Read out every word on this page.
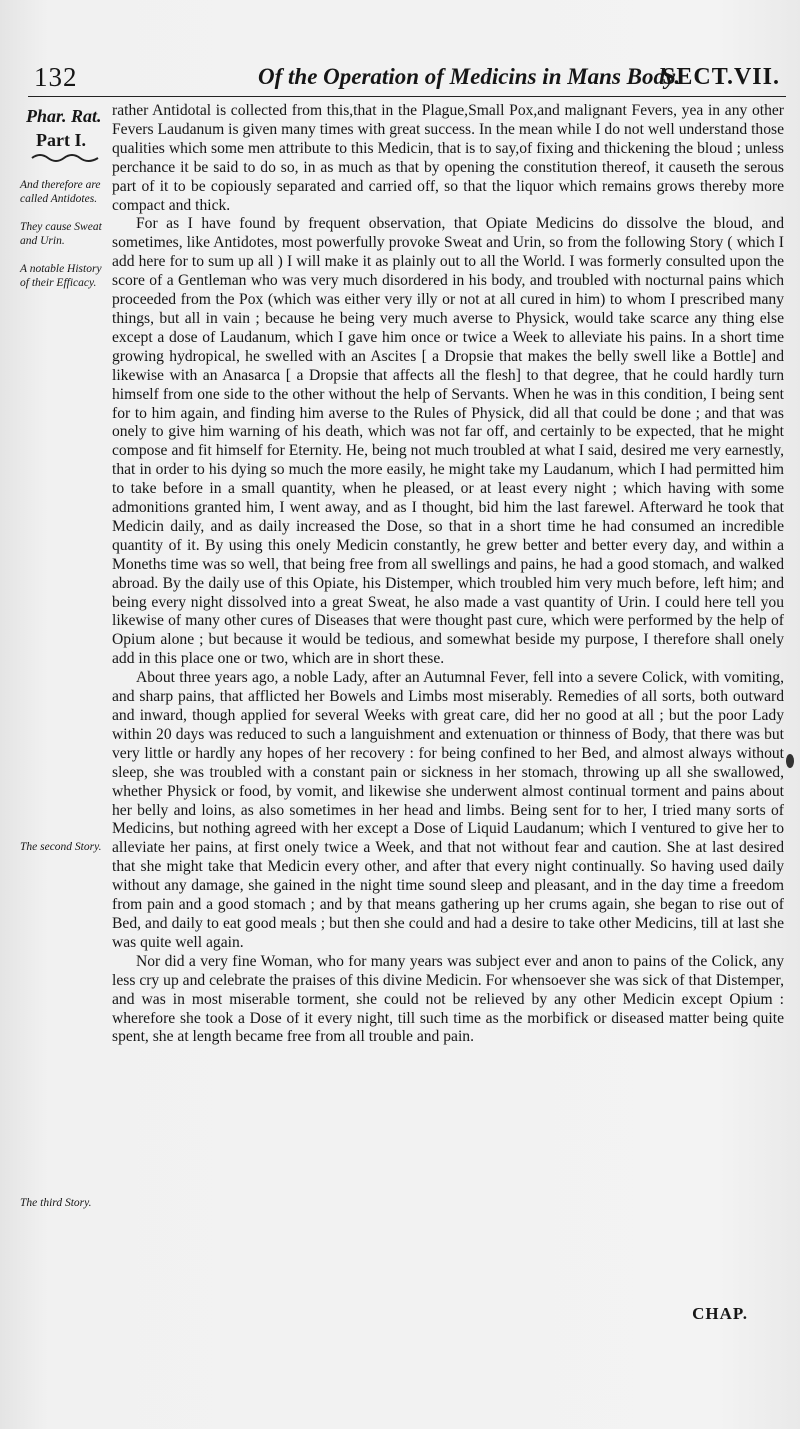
132	Of the Operation of Medicins in Mans Body.
SECT.VII.
Phar. Rat.
Part I.
And therefore are called Antidotes.
They cause Sweat and Urin.
A notable History of their Efficacy.
The second Story.
The third Story.

rather Antidotal is collected from this,that in the Plague,Small Pox,and malignant Fevers, yea in any other Fevers Laudanum is given many times with great success. In the mean while I do not well understand those qualities which some men attribute to this Medicin, that is to say,of fixing and thickening the bloud ; unless perchance it be said to do so, in as much as that by opening the constitution thereof, it causeth the serous part of it to be copiously separated and carried off, so that the liquor which remains grows thereby more compact and thick.

For as I have found by frequent observation, that Opiate Medicins do dissolve the bloud, and sometimes, like Antidotes, most powerfully provoke Sweat and Urin, so from the following Story ( which I add here for to sum up all ) I will make it as plainly out to all the World. I was formerly consulted upon the score of a Gentleman who was very much disordered in his body, and troubled with nocturnal pains which proceeded from the Pox (which was either very illy or not at all cured in him) to whom I prescribed many things, but all in vain ; because he being very much averse to Physick, would take scarce any thing else except a dose of Laudanum, which I gave him once or twice a Week to alleviate his pains. In a short time growing hydropical, he swelled with an Ascites [ a Dropsie that makes the belly swell like a Bottle] and likewise with an Anasarca [ a Dropsie that affects all the flesh] to that degree, that he could hardly turn himself from one side to the other without the help of Servants. When he was in this condition, I being sent for to him again, and finding him averse to the Rules of Physick, did all that could be done ; and that was onely to give him warning of his death, which was not far off, and certainly to be expected, that he might compose and fit himself for Eternity. He, being not much troubled at what I said, desired me very earnestly, that in order to his dying so much the more easily, he might take my Laudanum, which I had permitted him to take before in a small quantity, when he pleased, or at least every night ; which having with some admonitions granted him, I went away, and as I thought, bid him the last farewel. Afterward he took that Medicin daily, and as daily increased the Dose, so that in a short time he had consumed an incredible quantity of it. By using this onely Medicin constantly, he grew better and better every day, and within a Moneths time was so well, that being free from all swellings and pains, he had a good stomach, and walked abroad. By the daily use of this Opiate, his Distemper, which troubled him very much before, left him; and being every night dissolved into a great Sweat, he also made a vast quantity of Urin. I could here tell you likewise of many other cures of Diseases that were thought past cure, which were performed by the help of Opium alone ; but because it would be tedious, and somewhat beside my purpose, I therefore shall onely add in this place one or two, which are in short these.

About three years ago, a noble Lady, after an Autumnal Fever, fell into a severe Colick, with vomiting, and sharp pains, that afflicted her Bowels and Limbs most miserably. Remedies of all sorts, both outward and inward, though applied for several Weeks with great care, did her no good at all ; but the poor Lady within 20 days was reduced to such a languishment and extenuation or thinness of Body, that there was but very little or hardly any hopes of her recovery : for being confined to her Bed, and almost always without sleep, she was troubled with a constant pain or sickness in her stomach, throwing up all she swallowed, whether Physick or food, by vomit, and likewise she underwent almost continual torment and pains about her belly and loins, as also sometimes in her head and limbs. Being sent for to her, I tried many sorts of Medicins, but nothing agreed with her except a Dose of Liquid Laudanum; which I ventured to give her to alleviate her pains, at first onely twice a Week, and that not without fear and caution. She at last desired that she might take that Medicin every other, and after that every night continually. So having used daily without any damage, she gained in the night time sound sleep and pleasant, and in the day time a freedom from pain and a good stomach ; and by that means gathering up her crums again, she began to rise out of Bed, and daily to eat good meals ; but then she could and had a desire to take other Medicins, till at last she was quite well again.

Nor did a very fine Woman, who for many years was subject ever and anon to pains of the Colick, any less cry up and celebrate the praises of this divine Medicin. For whensoever she was sick of that Distemper, and was in most miserable torment, she could not be relieved by any other Medicin except Opium : wherefore she took a Dose of it every night, till such time as the morbifick or diseased matter being quite spent, she at length became free from all trouble and pain.

CHAP.
